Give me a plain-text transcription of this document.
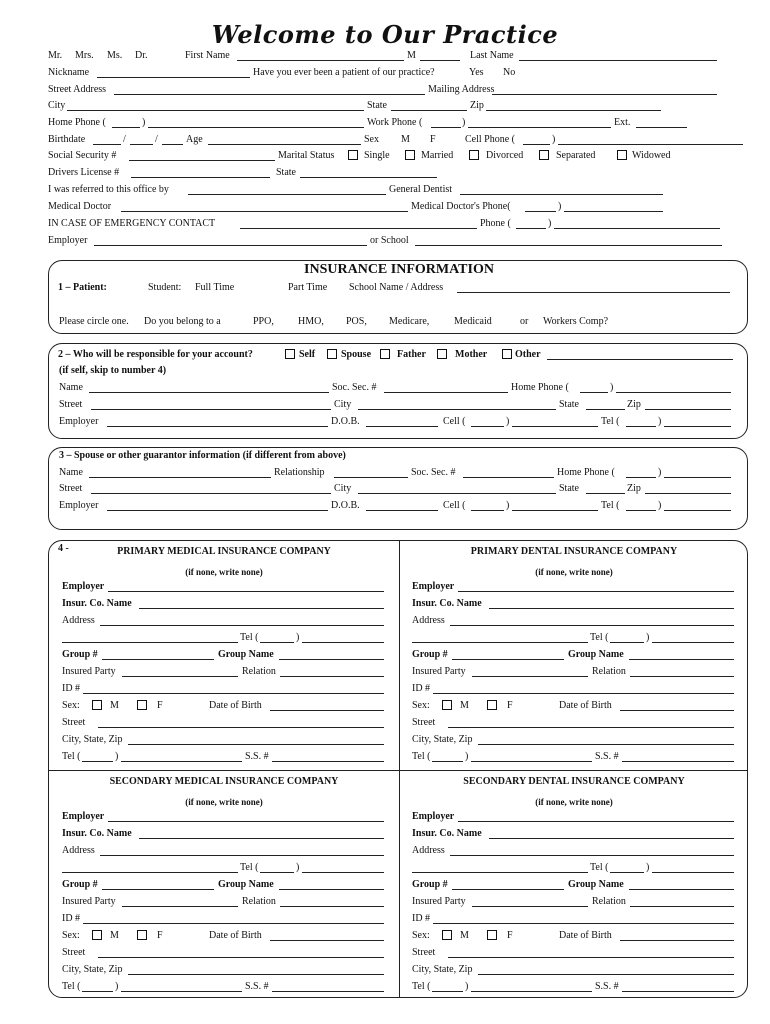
Welcome to Our Practice
Mr. Mrs. Ms. Dr.	First Name	M	Last Name
Nickname	Have you ever been a patient of our practice?	Yes No
Street Address	Mailing Address
City	State	Zip
Home Phone (	)	Work Phone (	)	Ext.
Birthdate	/	/	Age	Sex M F	Cell Phone (	)
Social Security #	Marital Status	Single	Married	Divorced	Separated	Widowed
Drivers License #	State
I was referred to this office by	General Dentist
Medical Doctor	Medical Doctor's Phone(	)
IN CASE OF EMERGENCY CONTACT	Phone (	)
Employer	or School
INSURANCE INFORMATION
1 – Patient:	Student: Full Time	Part Time School Name / Address
Please circle one. Do you belong to a	PPO, HMO, POS, Medicare, Medicaid	or Workers Comp?
2 – Who will be responsible for your account?	Self	Spouse	Father	Mother	Other
(if self, skip to number 4)
Name	Soc. Sec. #	Home Phone (	)
Street	City	State	Zip
Employer	D.O.B.	Cell (	)	Tel (	)
3 – Spouse or other guarantor information (if different from above)
Name	Relationship	Soc. Sec. #	Home Phone (	)
Street	City	State	Zip
Employer	D.O.B.	Cell (	)	Tel (	)
4 -	PRIMARY MEDICAL INSURANCE COMPANY
(if none, write none)
Employer
Insur. Co. Name
Address
Tel (	)
Group #	Group Name
Insured Party	Relation
ID #
Sex:	M	F	Date of Birth
Street
City, State, Zip
Tel (	)	S.S. #
PRIMARY DENTAL INSURANCE COMPANY
(if none, write none)
Employer
Insur. Co. Name
Address
Tel (	)
Group #	Group Name
Insured Party	Relation
ID #
Sex:	M	F	Date of Birth
Street
City, State, Zip
Tel (	)	S.S. #
SECONDARY MEDICAL INSURANCE COMPANY
(if none, write none)
Employer
Insur. Co. Name
Address
Tel (	)
Group #	Group Name
Insured Party	Relation
ID #
Sex:	M	F	Date of Birth
Street
City, State, Zip
Tel (	)	S.S. #
SECONDARY DENTAL INSURANCE COMPANY
(if none, write none)
Employer
Insur. Co. Name
Address
Tel (	)
Group #	Group Name
Insured Party	Relation
ID #
Sex:	M	F	Date of Birth
Street
City, State, Zip
Tel (	)	S.S. #
